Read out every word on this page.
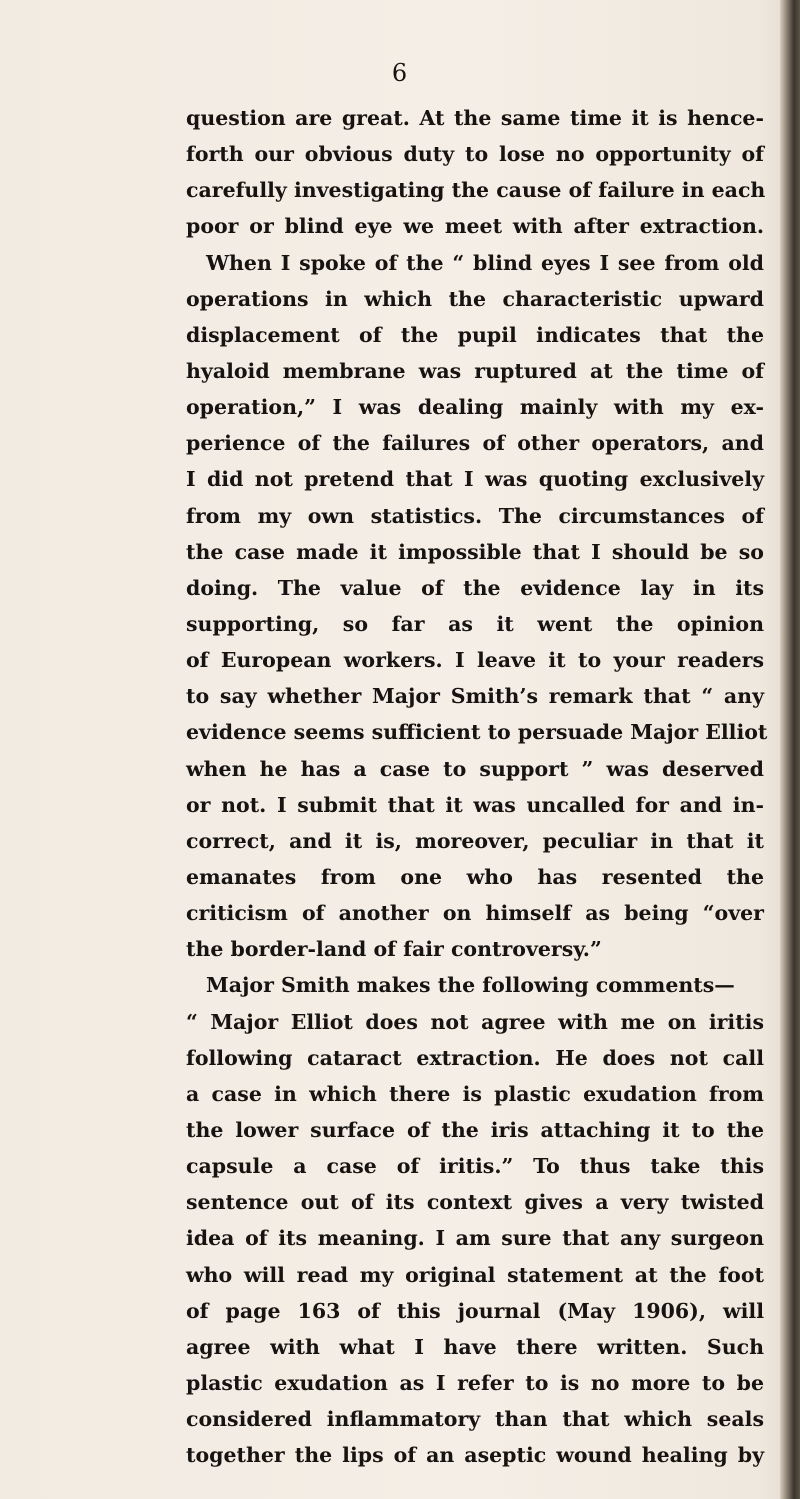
6
question are great. At the same time it is hence-
forth our obvious duty to lose no opportunity of
carefully investigating the cause of failure in each
poor or blind eye we meet with after extraction.
When I spoke of the “ blind eyes I see from old
operations in which the characteristic upward
displacement of the pupil indicates that the
hyaloid membrane was ruptured at the time of
operation,” I was dealing mainly with my ex-
perience of the failures of other operators, and
I did not pretend that I was quoting exclusively
from my own statistics. The circumstances of
the case made it impossible that I should be so
doing. The value of the evidence lay in its
supporting, so far as it went the opinion
of European workers. I leave it to your readers
to say whether Major Smith’s remark that “ any
evidence seems sufficient to persuade Major Elliot
when he has a case to support ” was deserved
or not. I submit that it was uncalled for and in-
correct, and it is, moreover, peculiar in that it
emanates from one who has resented the
criticism of another on himself as being “over
the border-land of fair controversy.”
Major Smith makes the following comments—
“ Major Elliot does not agree with me on iritis
following cataract extraction. He does not call
a case in which there is plastic exudation from
the lower surface of the iris attaching it to the
capsule a case of iritis.” To thus take this
sentence out of its context gives a very twisted
idea of its meaning. I am sure that any surgeon
who will read my original statement at the foot
of page 163 of this journal (May 1906), will
agree with what I have there written. Such
plastic exudation as I refer to is no more to be
considered inflammatory than that which seals
together the lips of an aseptic wound healing by
